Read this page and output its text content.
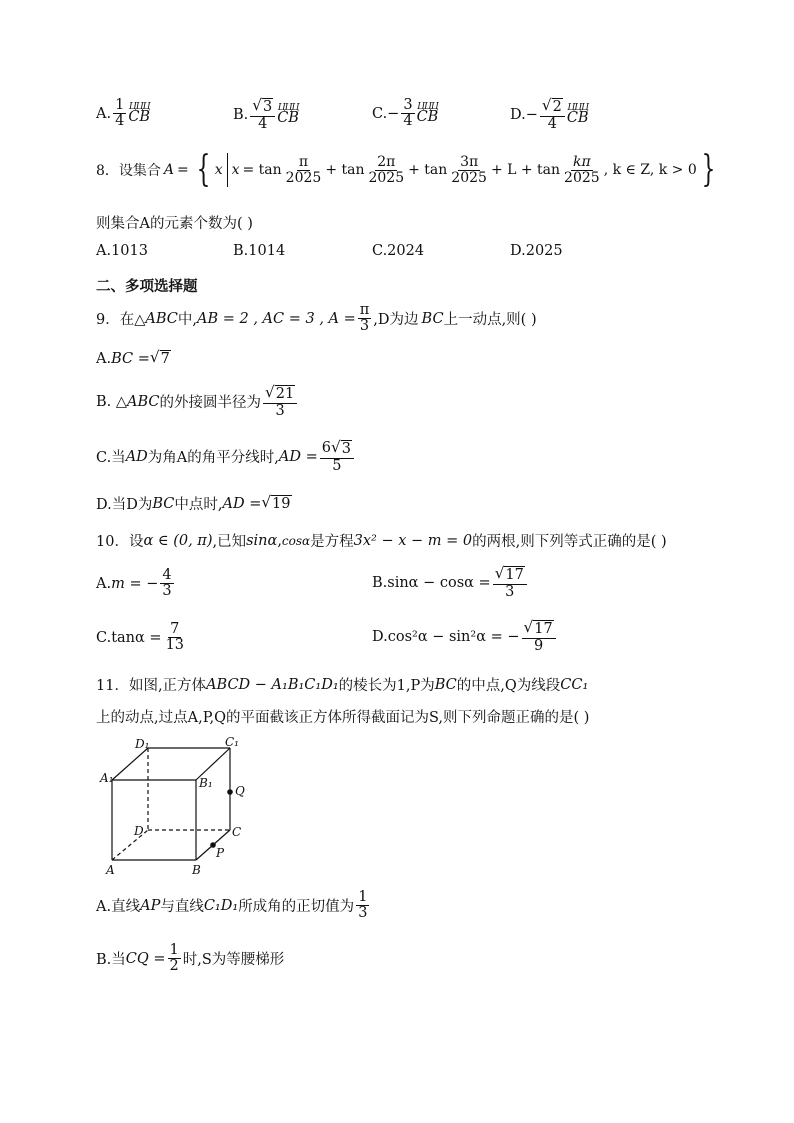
A. $\frac{1}{4}$ ЦЦЦ
CB	B. $\frac{√ 3}{4}$ ЦЦЦ
CB	$C.- \frac{3}{4}$ ЦЦЦ
CB	$D.- \frac{√ 2}{4}$ ЦЦЦ
CB
8．设集合 A = { x $x = \tan \frac{\pi}{2025} + \tan \frac{2\pi}{2025} + \tan \frac{3\pi}{2025} + L + \tan \frac{k\pi}{2025}$ , k ∈ Z, k > 0 }
则集合A的元素个数为( )
A.1013	B.1014	C.2024	D.2025
二、多项选择题
9．在△ ABC 中, AB = 2 , AC = 3 , $A = \frac{\pi}{3} ,D$为边 BC 上一动点,则( )
A. BC = √ 7
B. △ ABC 的外接圆半径为 $\frac{√ 21}{3}$
C.当 AD 为角A的角平分线时, AD = $\frac{6 √ 3}{5}$
D.当D为 BC 中点时, AD = √ 19
10．设 α ∈ (0, π) ,已知 sinα , cosα 是方程 3x² − x − m = 0 的两根,则下列等式正确的是( )
A. m = − $\frac{4}{3}$	B. $\sin\alpha - \cos\alpha = \frac{√ 17}{3}$
C. $\tan\alpha = \frac{7}{13}$	D. cos²α − sin²α = − $\frac{√ 17}{9}$
11．如图,正方体 ABCD − A₁B₁C₁D₁ 的棱长为1,P为 BC 的中点,Q为线段 CC₁
上的动点,过点A,P,Q的平面截该正方体所得截面记为S,则下列命题正确的是( )
A₁
D₁	C₁
B₁
Q
D	C
P
A	B
A.直线 AP 与直线 C₁D₁ 所成角的正切值为 $\frac{1}{3}$
B.当 CQ = $\frac{1}{2}$ 时,S为等腰梯形
